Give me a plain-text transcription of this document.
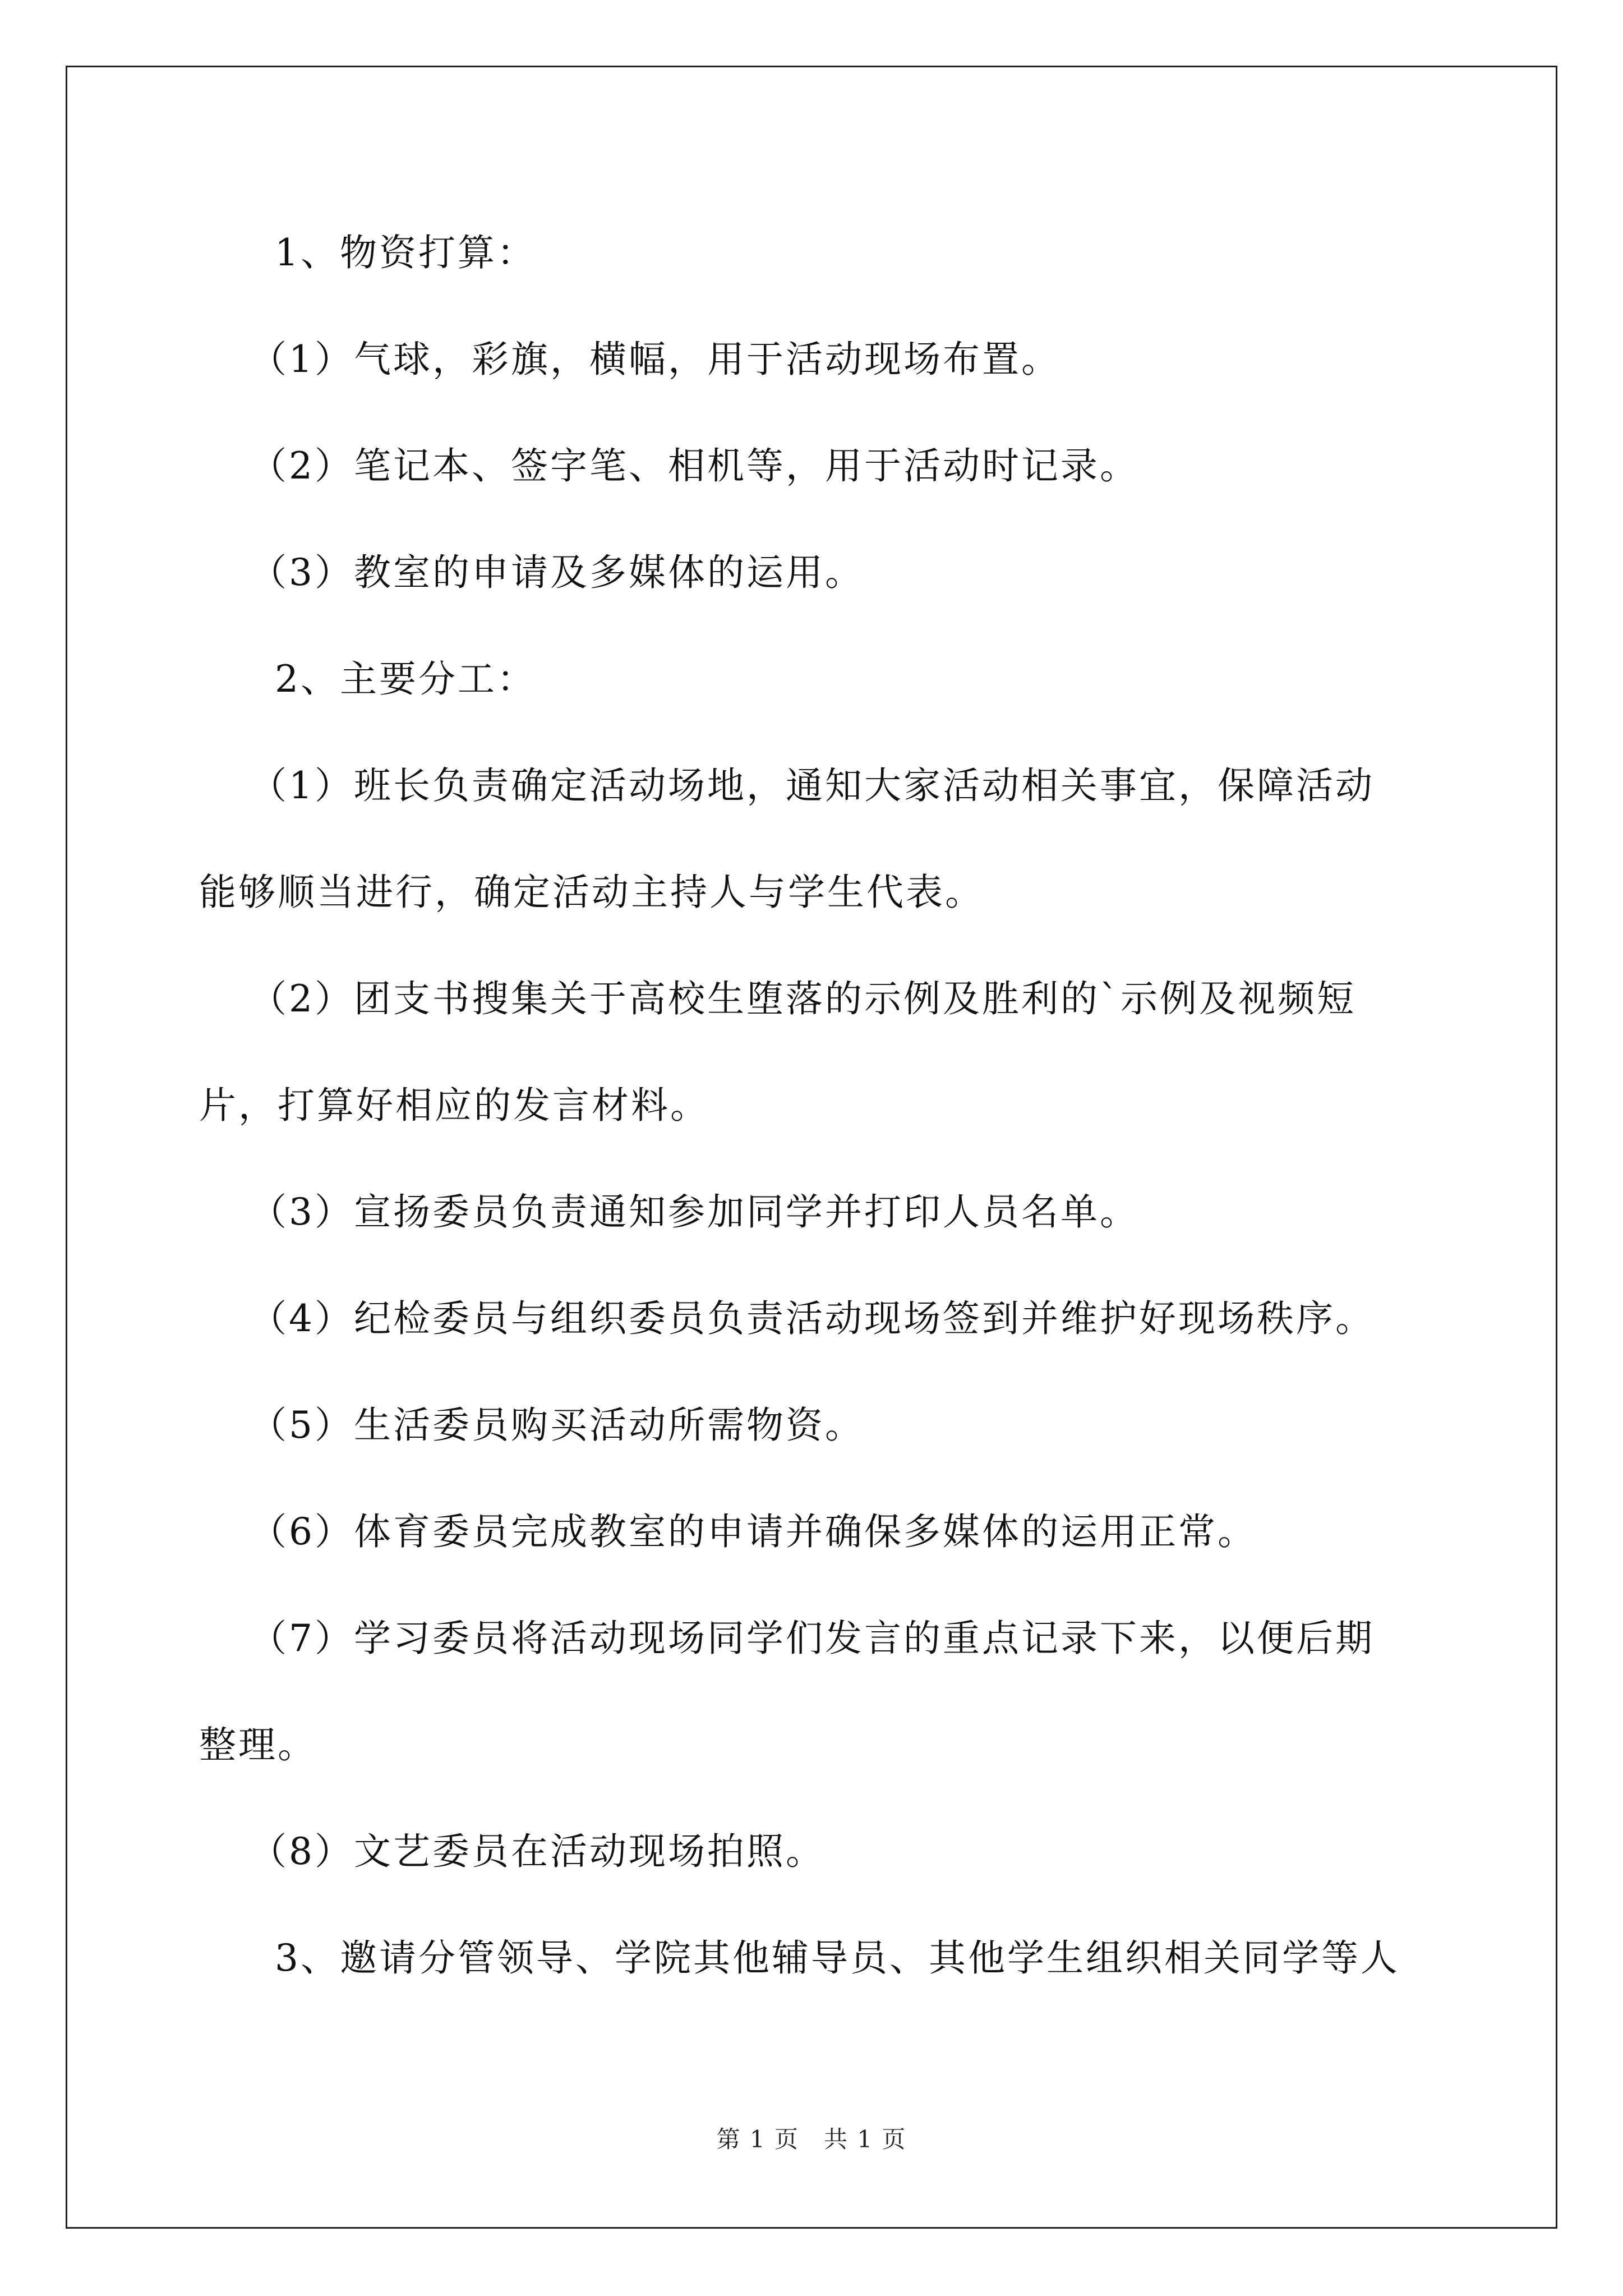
1、物资打算：
（1）气球，彩旗，横幅，用于活动现场布置。
（2）笔记本、签字笔、相机等，用于活动时记录。
（3）教室的申请及多媒体的运用。
2、主要分工：
（1）班长负责确定活动场地，通知大家活动相关事宜，保障活动
能够顺当进行，确定活动主持人与学生代表。
（2）团支书搜集关于高校生堕落的示例及胜利的`示例及视频短
片，打算好相应的发言材料。
（3）宣扬委员负责通知参加同学并打印人员名单。
（4）纪检委员与组织委员负责活动现场签到并维护好现场秩序。
（5）生活委员购买活动所需物资。
（6）体育委员完成教室的申请并确保多媒体的运用正常。
（7）学习委员将活动现场同学们发言的重点记录下来，以便后期
整理。
（8）文艺委员在活动现场拍照。
3、邀请分管领导、学院其他辅导员、其他学生组织相关同学等人
第 1 页　共 1 页
